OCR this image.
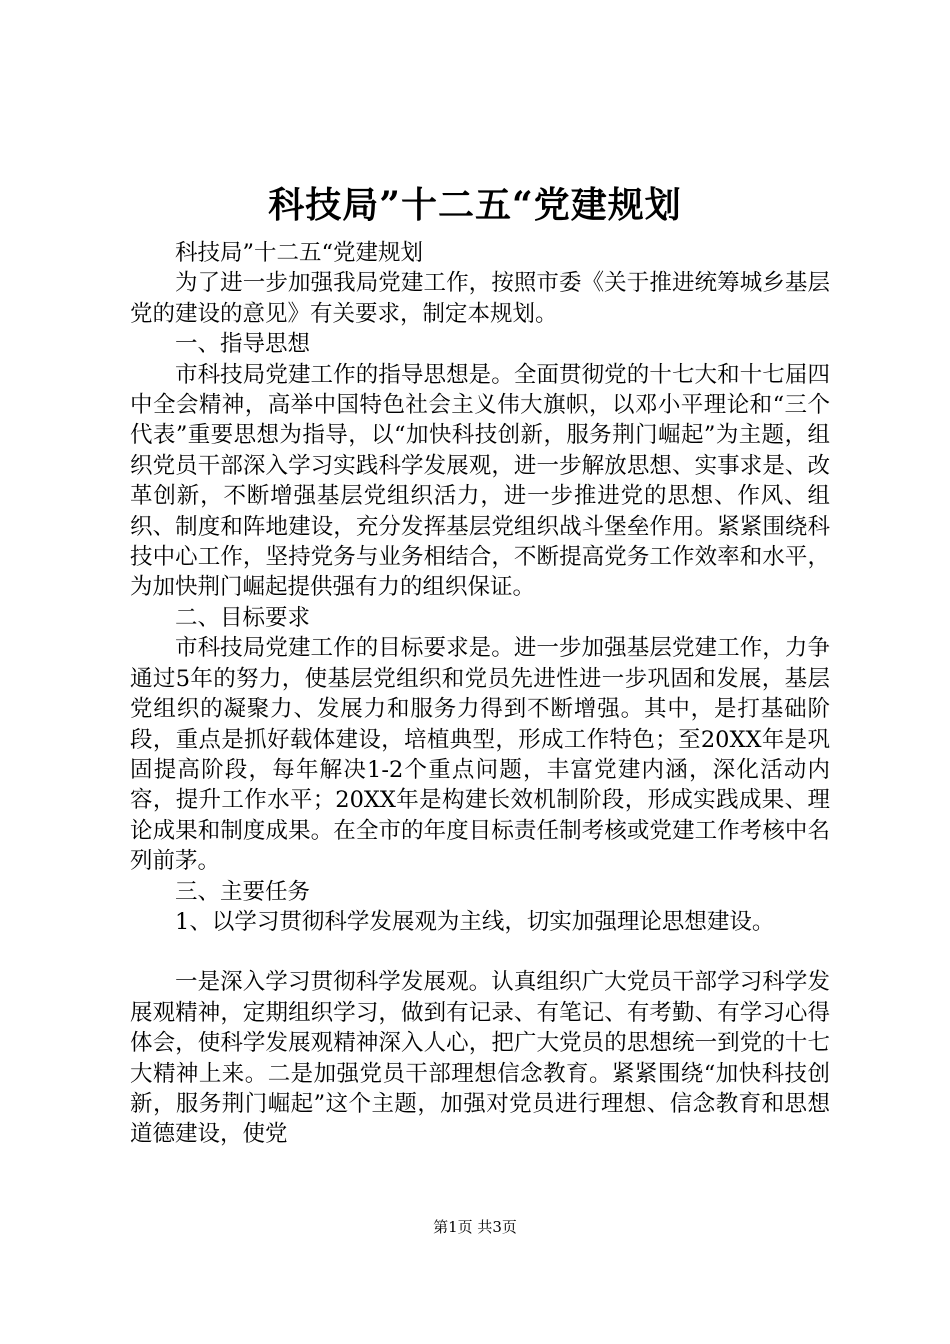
科技局”十二五“党建规划

科技局”十二五“党建规划

为了进一步加强我局党建工作，按照市委《关于推进统筹城乡基层党的建设的意见》有关要求，制定本规划。

一、指导思想

市科技局党建工作的指导思想是。全面贯彻党的十七大和十七届四中全会精神，高举中国特色社会主义伟大旗帜，以邓小平理论和“三个代表”重要思想为指导，以“加快科技创新，服务荆门崛起”为主题，组织党员干部深入学习实践科学发展观，进一步解放思想、实事求是、改革创新，不断增强基层党组织活力，进一步推进党的思想、作风、组织、制度和阵地建设，充分发挥基层党组织战斗堡垒作用。紧紧围绕科技中心工作，坚持党务与业务相结合，不断提高党务工作效率和水平，为加快荆门崛起提供强有力的组织保证。

二、目标要求

市科技局党建工作的目标要求是。进一步加强基层党建工作，力争通过5年的努力，使基层党组织和党员先进性进一步巩固和发展，基层党组织的凝聚力、发展力和服务力得到不断增强。其中，是打基础阶段，重点是抓好载体建设，培植典型，形成工作特色；至20XX年是巩固提高阶段，每年解决1-2个重点问题，丰富党建内涵，深化活动内容，提升工作水平；20XX年是构建长效机制阶段，形成实践成果、理论成果和制度成果。在全市的年度目标责任制考核或党建工作考核中名列前茅。

三、主要任务

1、以学习贯彻科学发展观为主线，切实加强理论思想建设。

一是深入学习贯彻科学发展观。认真组织广大党员干部学习科学发展观精神，定期组织学习，做到有记录、有笔记、有考勤、有学习心得体会，使科学发展观精神深入人心，把广大党员的思想统一到党的十七大精神上来。二是加强党员干部理想信念教育。紧紧围绕“加快科技创新，服务荆门崛起”这个主题，加强对党员进行理想、信念教育和思想道德建设，使党

第1页 共3页
